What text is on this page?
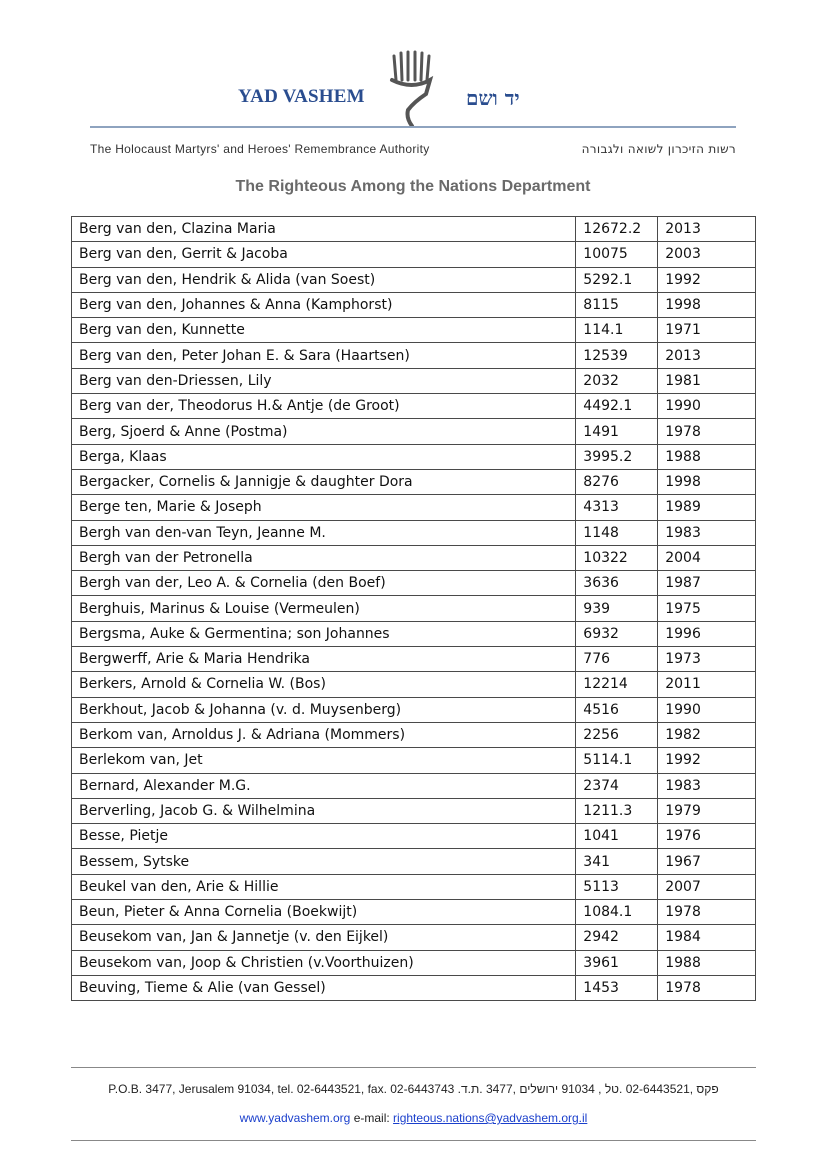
YAD VASHEM	יד ושם
The Holocaust Martyrs' and Heroes' Remembrance Authority	רשות הזיכרון לשואה ולגבורה
The Righteous Among the Nations Department
Berg van den, Clazina Maria	12672.2	2013
Berg van den, Gerrit & Jacoba	10075	2003
Berg van den, Hendrik & Alida (van Soest)	5292.1	1992
Berg van den, Johannes & Anna (Kamphorst)	8115	1998
Berg van den, Kunnette	114.1	1971
Berg van den, Peter Johan E. & Sara (Haartsen)	12539	2013
Berg van den-Driessen, Lily	2032	1981
Berg van der, Theodorus H.& Antje (de Groot)	4492.1	1990
Berg, Sjoerd & Anne (Postma)	1491	1978
Berga, Klaas	3995.2	1988
Bergacker, Cornelis & Jannigje & daughter Dora	8276	1998
Berge ten, Marie & Joseph	4313	1989
Bergh van den-van Teyn, Jeanne M.	1148	1983
Bergh van der Petronella	10322	2004
Bergh van der, Leo A. & Cornelia (den Boef)	3636	1987
Berghuis, Marinus & Louise (Vermeulen)	939	1975
Bergsma, Auke & Germentina; son Johannes	6932	1996
Bergwerff, Arie & Maria Hendrika	776	1973
Berkers, Arnold & Cornelia W. (Bos)	12214	2011
Berkhout, Jacob & Johanna (v. d. Muysenberg)	4516	1990
Berkom van, Arnoldus J. & Adriana (Mommers)	2256	1982
Berlekom van, Jet	5114.1	1992
Bernard, Alexander M.G.	2374	1983
Berverling, Jacob G. & Wilhelmina	1211.3	1979
Besse, Pietje	1041	1976
Bessem, Sytske	341	1967
Beukel van den, Arie & Hillie	5113	2007
Beun, Pieter & Anna Cornelia (Boekwijt)	1084.1	1978
Beusekom van, Jan & Jannetje (v. den Eijkel)	2942	1984
Beusekom van, Joop & Christien (v.Voorthuizen)	3961	1988
Beuving, Tieme & Alie (van Gessel)	1453	1978
P.O.B. 3477, Jerusalem 91034, tel. 02-6443521, fax. 02-6443743 .פקס ,02-6443521 .טל , 91034 ירושלים ,3477 .ת.ד
www.yadvashem.org e-mail: righteous.nations@yadvashem.org.il
